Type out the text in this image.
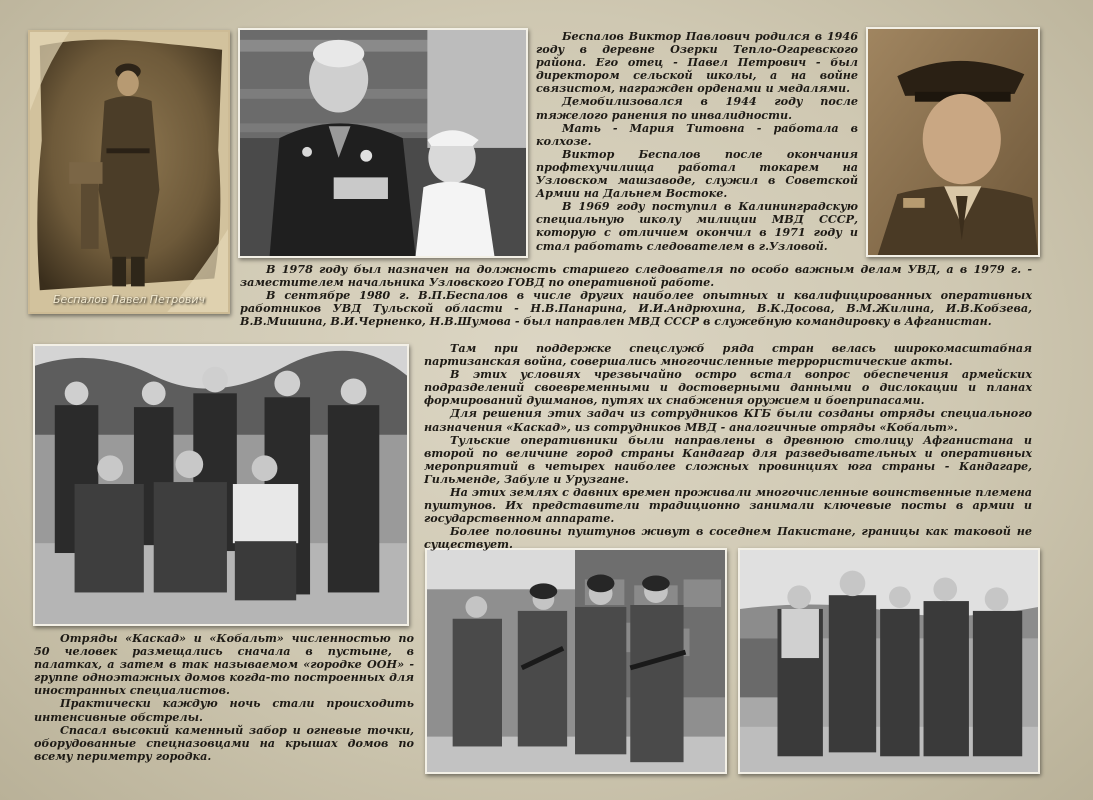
Беспалов Павел Петрович

Беспалов Виктор Павлович родился в 1946 году в деревне Озерки Тепло-Огаревского района. Его отец - Павел Петрович - был директором сельской школы, а на войне связистом, награжден орденами и медалями.

Демобилизовался в 1944 году после тяжелого ранения по инвалидности.

Мать - Мария Титовна - работала в колхозе.

Виктор Беспалов после окончания профтехучилища работал токарем на Узловском машзаводе, служил в Советской Армии на Дальнем Востоке.

В 1969 году поступил в Калининградскую специальную школу милиции МВД СССР, которую с отличием окончил в 1971 году и стал работать следователем в г.Узловой.

В 1978 году был назначен на должность старшего следователя по особо важным делам УВД, а в 1979 г. - заместителем начальника Узловского ГОВД по оперативной работе.

В сентябре 1980 г. В.П.Беспалов в числе других наиболее опытных и квалифицированных оперативных работников УВД Тульской области - Н.В.Панарина, И.И.Андрюхина, В.К.Досова, В.М.Жилина, И.В.Кобзева, В.В.Мишина, В.И.Черненко, Н.В.Шумова - был направлен МВД СССР в служебную командировку в Афганистан.

Там при поддержке спецслужб ряда стран велась широкомасштабная партизанская война, совершались многочисленные террористические акты.

В этих условиях чрезвычайно остро встал вопрос обеспечения армейских подразделений своевременными и достоверными данными о дислокации и планах формирований душманов, путях их снабжения оружием и боеприпасами.

Для решения этих задач из сотрудников КГБ были созданы отряды специального назначения «Каскад», из сотрудников МВД - аналогичные отряды «Кобальт».

Тульские оперативники были направлены в древнюю столицу Афганистана и второй по величине город страны Кандагар для разведывательных и оперативных мероприятий в четырех наиболее сложных провинциях юга страны - Кандагаре, Гильменде, Забуле и Урузгане.

На этих землях с давних времен проживали многочисленные воинственные племена пуштунов. Их представители традиционно занимали ключевые посты в армии и государственном аппарате.

Более половины пуштунов живут в соседнем Пакистане, границы как таковой не существует.

Отряды «Каскад» и «Кобальт» численностью по 50 человек размещались сначала в пустыне, в палатках, а затем в так называемом «городке ООН» - группе одноэтажных домов когда-то построенных для иностранных специалистов.

Практически каждую ночь стали происходить интенсивные обстрелы.

Спасал высокий каменный забор и огневые точки, оборудованные спецназовцами на крышах домов по всему периметру городка.
